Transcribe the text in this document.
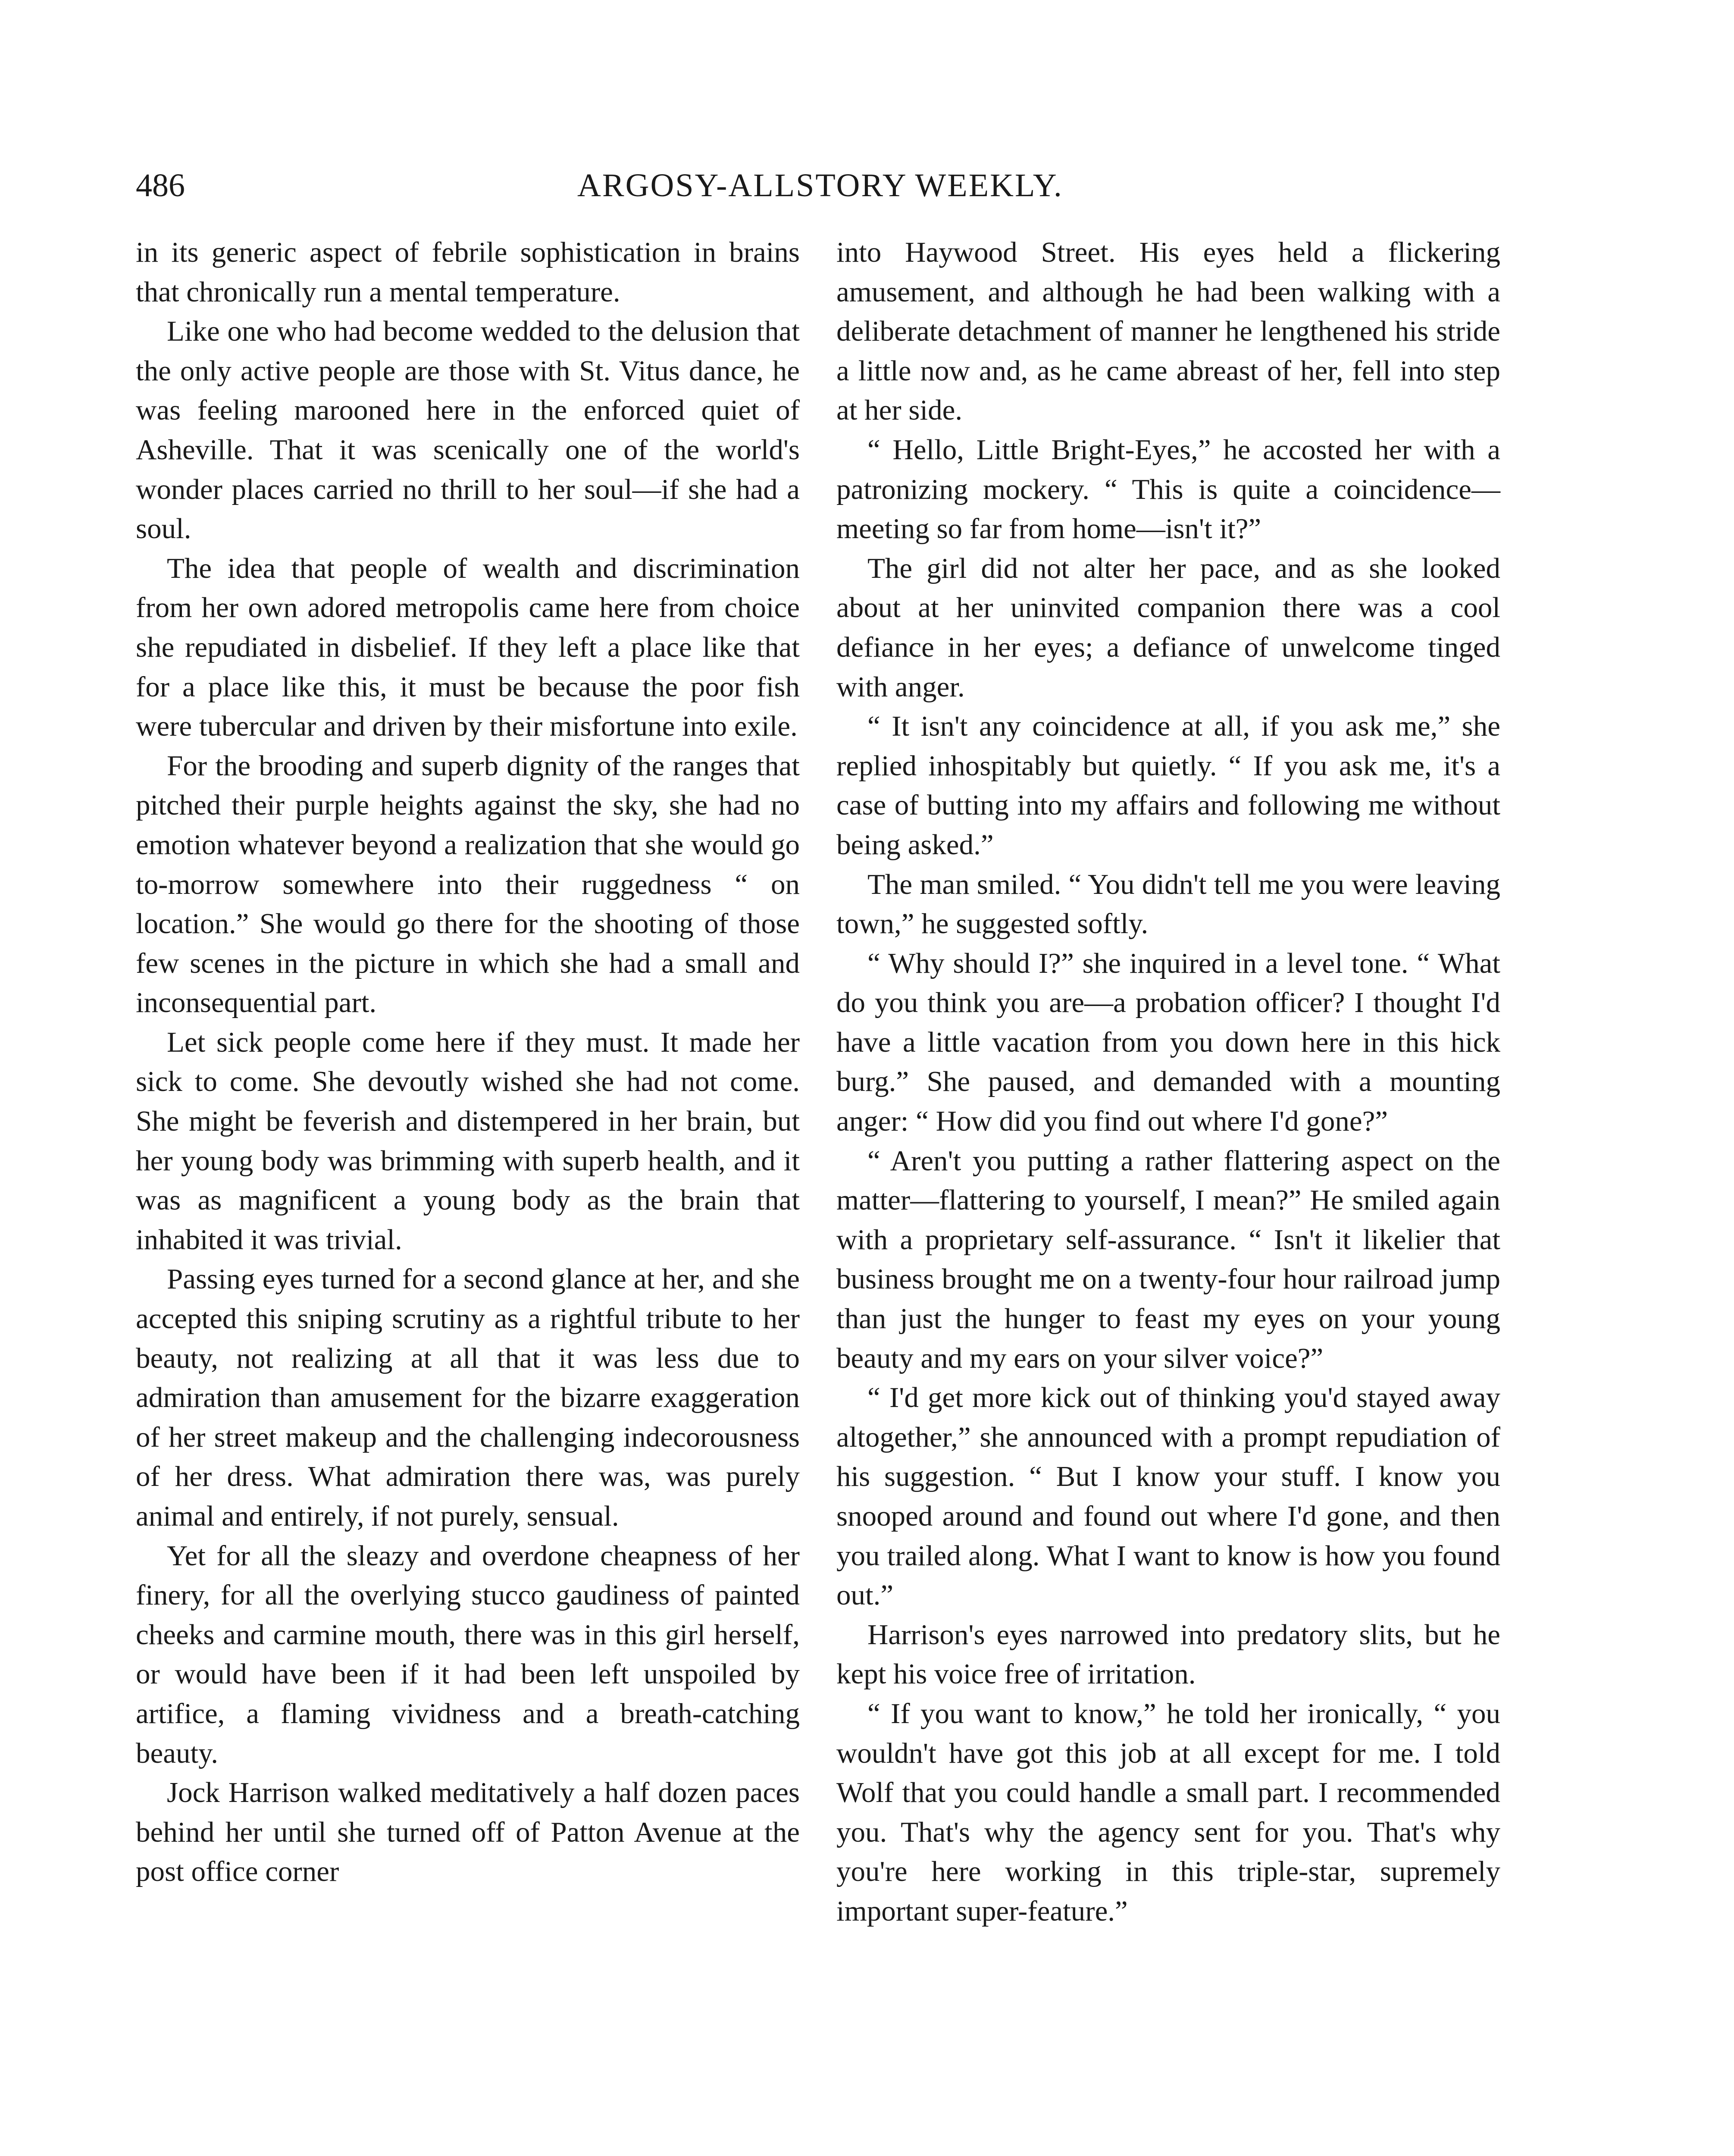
486	ARGOSY-ALLSTORY WEEKLY.

in its generic aspect of febrile sophistication in brains that chronically run a mental temperature.

Like one who had become wedded to the delusion that the only active people are those with St. Vitus dance, he was feeling marooned here in the enforced quiet of Asheville. That it was scenically one of the world's wonder places carried no thrill to her soul—if she had a soul.

The idea that people of wealth and discrimination from her own adored metropolis came here from choice she repudiated in disbelief. If they left a place like that for a place like this, it must be because the poor fish were tubercular and driven by their misfortune into exile.

For the brooding and superb dignity of the ranges that pitched their purple heights against the sky, she had no emotion whatever beyond a realization that she would go to-morrow somewhere into their ruggedness “ on location.” She would go there for the shooting of those few scenes in the picture in which she had a small and inconsequential part.

Let sick people come here if they must. It made her sick to come. She devoutly wished she had not come. She might be feverish and distempered in her brain, but her young body was brimming with superb health, and it was as magnificent a young body as the brain that inhabited it was trivial.

Passing eyes turned for a second glance at her, and she accepted this sniping scrutiny as a rightful tribute to her beauty, not realizing at all that it was less due to admiration than amusement for the bizarre exaggeration of her street makeup and the challenging indecorousness of her dress. What admiration there was, was purely animal and entirely, if not purely, sensual.

Yet for all the sleazy and overdone cheapness of her finery, for all the overlying stucco gaudiness of painted cheeks and carmine mouth, there was in this girl herself, or would have been if it had been left unspoiled by artifice, a flaming vividness and a breath-catching beauty.

Jock Harrison walked meditatively a half dozen paces behind her until she turned off of Patton Avenue at the post office corner

into Haywood Street. His eyes held a flickering amusement, and although he had been walking with a deliberate detachment of manner he lengthened his stride a little now and, as he came abreast of her, fell into step at her side.

“ Hello, Little Bright-Eyes,” he accosted her with a patronizing mockery. “ This is quite a coincidence—meeting so far from home—isn't it?”

The girl did not alter her pace, and as she looked about at her uninvited companion there was a cool defiance in her eyes; a defiance of unwelcome tinged with anger.

“ It isn't any coincidence at all, if you ask me,” she replied inhospitably but quietly. “ If you ask me, it's a case of butting into my affairs and following me without being asked.”

The man smiled. “ You didn't tell me you were leaving town,” he suggested softly.

“ Why should I?” she inquired in a level tone. “ What do you think you are—a probation officer? I thought I'd have a little vacation from you down here in this hick burg.” She paused, and demanded with a mounting anger: “ How did you find out where I'd gone?”

“ Aren't you putting a rather flattering aspect on the matter—flattering to yourself, I mean?” He smiled again with a proprietary self-assurance. “ Isn't it likelier that business brought me on a twenty-four hour railroad jump than just the hunger to feast my eyes on your young beauty and my ears on your silver voice?”

“ I'd get more kick out of thinking you'd stayed away altogether,” she announced with a prompt repudiation of his suggestion. “ But I know your stuff. I know you snooped around and found out where I'd gone, and then you trailed along. What I want to know is how you found out.”

Harrison's eyes narrowed into predatory slits, but he kept his voice free of irritation.

“ If you want to know,” he told her ironically, “ you wouldn't have got this job at all except for me. I told Wolf that you could handle a small part. I recommended you. That's why the agency sent for you. That's why you're here working in this triple-star, supremely important super-feature.”
